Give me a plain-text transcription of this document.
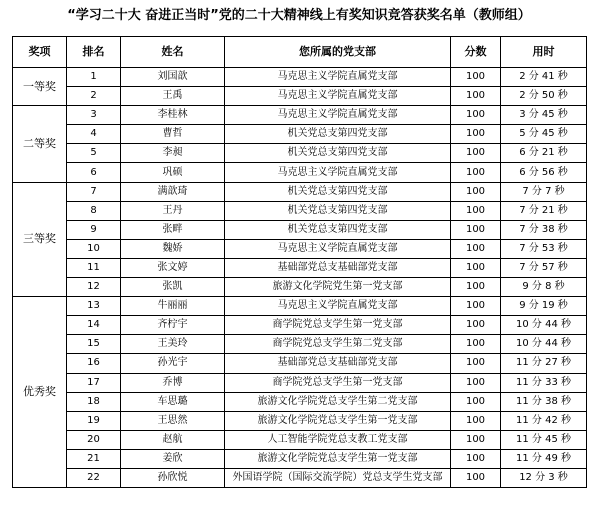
“学习二十大 奋进正当时”党的二十大精神线上有奖知识竞答获奖名单（教师组）
奖项	排名	姓名	您所属的党支部	分数	用时
一等奖	1	刘国歆	马克思主义学院直属党支部	100	2 分 41 秒
	2	王禹	马克思主义学院直属党支部	100	2 分 50 秒
二等奖	3	李桂林	马克思主义学院直属党支部	100	3 分 45 秒
	4	曹哲	机关党总支第四党支部	100	5 分 45 秒
	5	李昶	机关党总支第四党支部	100	6 分 21 秒
	6	巩硕	马克思主义学院直属党支部	100	6 分 56 秒
三等奖	7	满歆琦	机关党总支第四党支部	100	7 分 7 秒
	8	王丹	机关党总支第四党支部	100	7 分 21 秒
	9	张畔	机关党总支第四党支部	100	7 分 38 秒
	10	魏娇	马克思主义学院直属党支部	100	7 分 53 秒
	11	张文婷	基础部党总支基础部党支部	100	7 分 57 秒
	12	张凯	旅游文化学院党生第一党支部	100	9 分 8 秒
优秀奖	13	牛丽丽	马克思主义学院直属党支部	100	9 分 19 秒
	14	齐柠宇	商学院党总支学生第一党支部	100	10 分 44 秒
	15	王美玲	商学院党总支学生第二党支部	100	10 分 44 秒
	16	孙光宇	基础部党总支基础部党支部	100	11 分 27 秒
	17	乔博	商学院党总支学生第一党支部	100	11 分 33 秒
	18	车思璐	旅游文化学院党总支学生第二党支部	100	11 分 38 秒
	19	王思然	旅游文化学院党总支学生第一党支部	100	11 分 42 秒
	20	赵航	人工智能学院党总支教工党支部	100	11 分 45 秒
	21	姜欣	旅游文化学院党总支学生第一党支部	100	11 分 49 秒
	22	孙欣悦	外国语学院（国际交流学院）党总支学生党支部	100	12 分 3 秒
